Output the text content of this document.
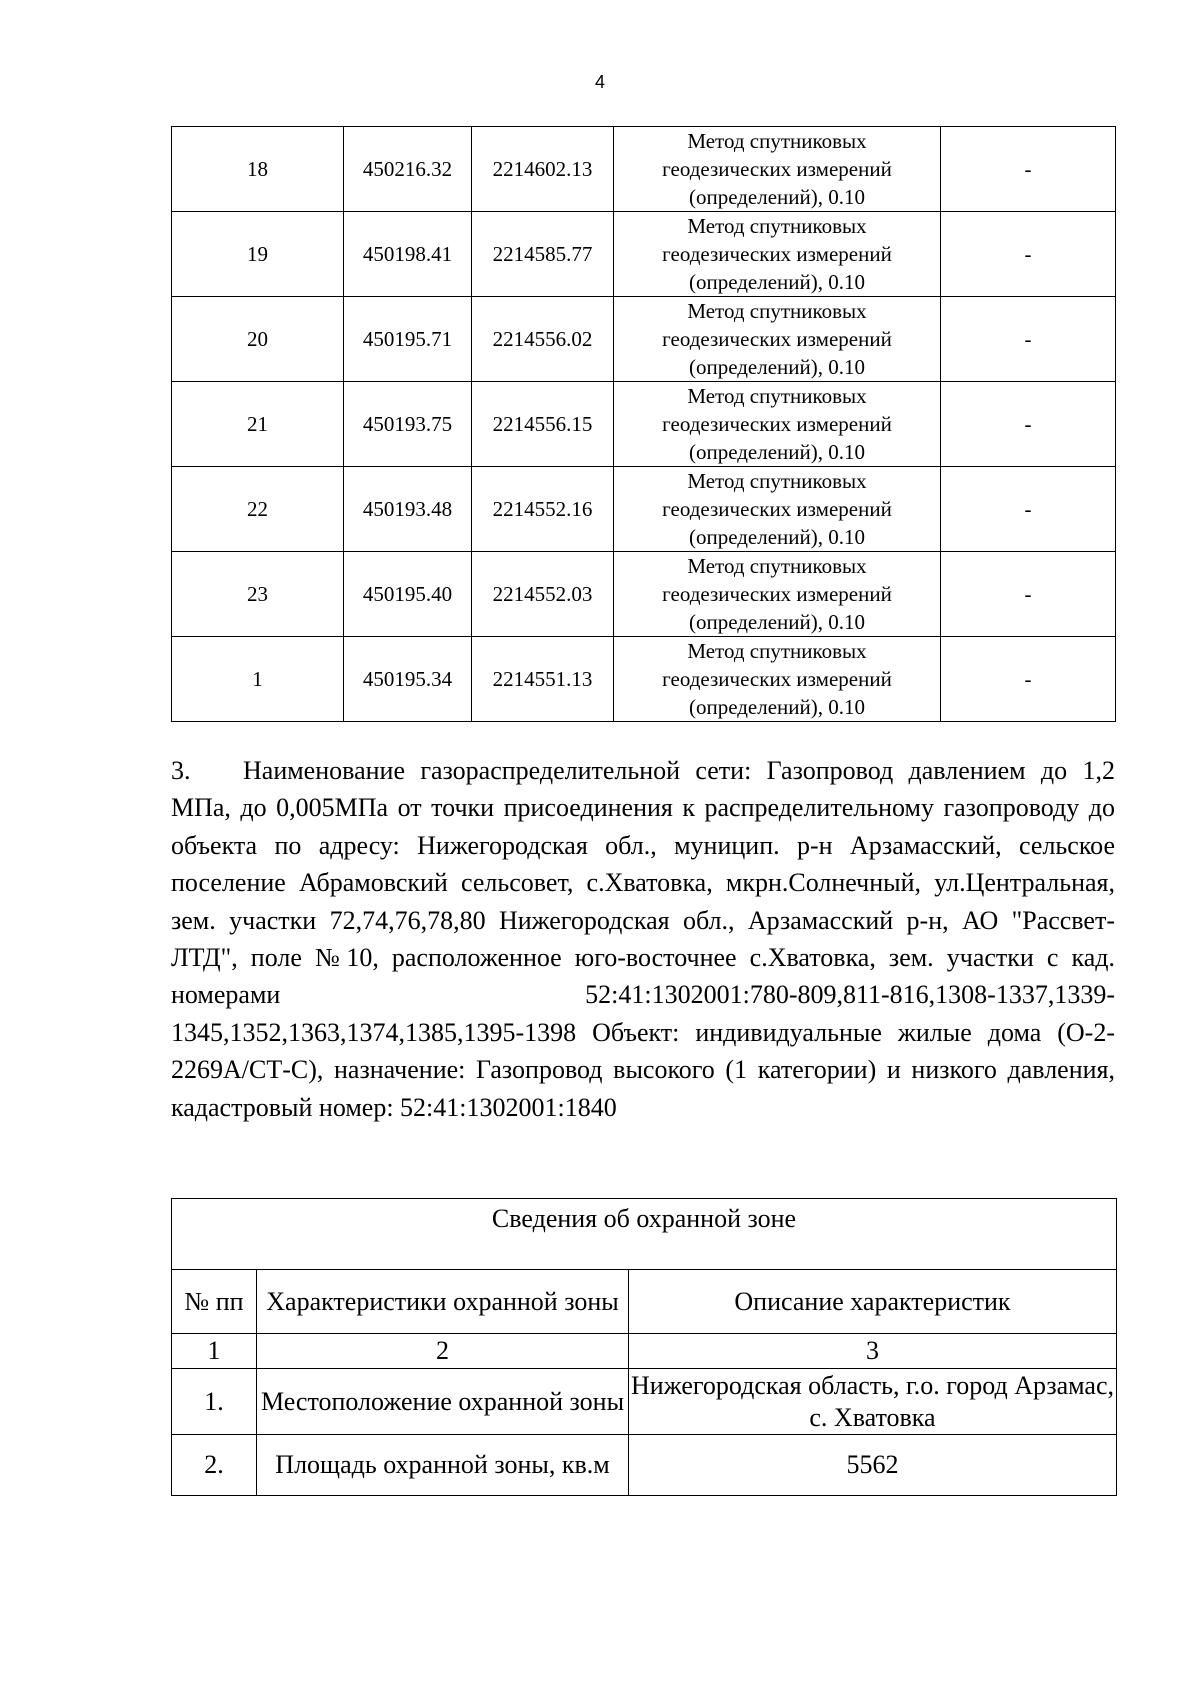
4
18	450216.32	2214602.13	Метод спутниковых
геодезических измерений
(определений), 0.10	-
19	450198.41	2214585.77	Метод спутниковых
геодезических измерений
(определений), 0.10	-
20	450195.71	2214556.02	Метод спутниковых
геодезических измерений
(определений), 0.10	-
21	450193.75	2214556.15	Метод спутниковых
геодезических измерений
(определений), 0.10	-
22	450193.48	2214552.16	Метод спутниковых
геодезических измерений
(определений), 0.10	-
23	450195.40	2214552.03	Метод спутниковых
геодезических измерений
(определений), 0.10	-
1	450195.34	2214551.13	Метод спутниковых
геодезических измерений
(определений), 0.10	-

3. Наименование газораспределительной сети: Газопровод давлением до 1,2 МПа, до 0,005МПа от точки присоединения к распределительному газопроводу до объекта по адресу: Нижегородская обл., муницип. р-н Арзамасский, сельское поселение Абрамовский сельсовет, с.Хватовка, мкрн.Солнечный, ул.Центральная, зем. участки 72,74,76,78,80 Нижегородская обл., Арзамасский р-н, АО "Рассвет-ЛТД", поле №10, расположенное юго-восточнее с.Хватовка, зем. участки с кад. номерами 52:41:1302001:780-809,811-816,1308-1337,1339-1345,1352,1363,1374,1385,1395-1398 Объект: индивидуальные жилые дома (О-2-2269А/СТ-С), назначение: Газопровод высокого (1 категории) и низкого давления, кадастровый номер: 52:41:1302001:1840

Сведения об охранной зоне		
№ пп	Характеристики охранной зоны	Описание характеристик
1	2	3
1.	Местоположение охранной зоны	Нижегородская область, г.о. город Арзамас, с. Хватовка
2.	Площадь охранной зоны, кв.м	5562
